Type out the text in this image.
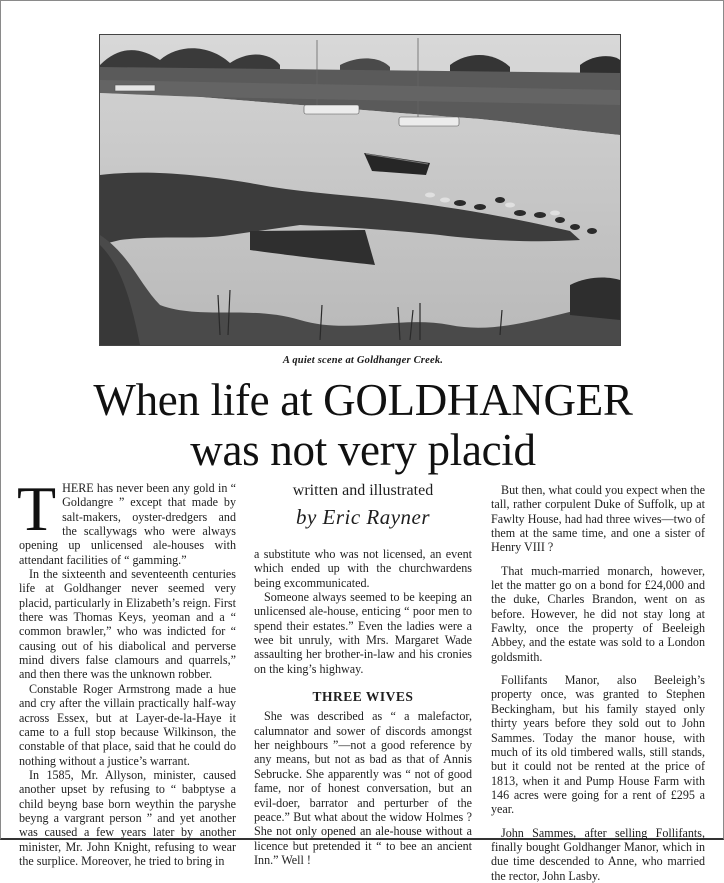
A quiet scene at Goldhanger Creek.
When life at GOLDHANGER
was not very placid

THERE has never been any gold in “ Goldangre ” except that made by salt-makers, oyster-dredgers and the scallywags who were always opening up unlicensed ale-houses with attendant facilities of “ gamming.”

In the sixteenth and seventeenth centuries life at Goldhanger never seemed very placid, particularly in Elizabeth’s reign. First there was Thomas Keys, yeoman and a “ common brawler,” who was indicted for “ causing out of his diabolical and perverse mind divers false clamours and quarrels,” and then there was the unknown robber.

Constable Roger Armstrong made a hue and cry after the villain practically half-way across Essex, but at Layer-de-la-Haye it came to a full stop because Wilkinson, the constable of that place, said that he could do nothing without a justice’s warrant.

In 1585, Mr. Allyson, minister, caused another upset by refusing to “ babptyse a child beyng base born weythin the paryshe beyng a vargrant person ” and yet another was caused a few years later by another minister, Mr. John Knight, refusing to wear the surplice. Moreover, he tried to bring in

written and illustrated
by Eric Rayner

a substitute who was not licensed, an event which ended up with the churchwardens being excommunicated.

Someone always seemed to be keeping an unlicensed ale-house, enticing “ poor men to spend their estates.” Even the ladies were a wee bit unruly, with Mrs. Margaret Wade assaulting her brother-in-law and his cronies on the king’s highway.

THREE WIVES

She was described as “ a malefactor, calumnator and sower of discords amongst her neighbours ”—not a good reference by any means, but not as bad as that of Annis Sebrucke. She apparently was “ not of good fame, nor of honest conversation, but an evil-doer, barrator and perturber of the peace.” But what about the widow Holmes ? She not only opened an ale-house without a licence but pretended it “ to bee an ancient Inn.” Well !

But then, what could you expect when the tall, rather corpulent Duke of Suffolk, up at Fawlty House, had had three wives—two of them at the same time, and one a sister of Henry VIII ?

That much-married monarch, however, let the matter go on a bond for £24,000 and the duke, Charles Brandon, went on as before. However, he did not stay long at Fawlty, once the property of Beeleigh Abbey, and the estate was sold to a London goldsmith.

Follifants Manor, also Beeleigh’s property once, was granted to Stephen Beckingham, but his family stayed only thirty years before they sold out to John Sammes. Today the manor house, with much of its old timbered walls, still stands, but it could not be rented at the price of 1813, when it and Pump House Farm with 146 acres were going for a rent of £295 a year.

John Sammes, after selling Follifants, finally bought Goldhanger Manor, which in due time descended to Anne, who married the rector, John Lasby.
